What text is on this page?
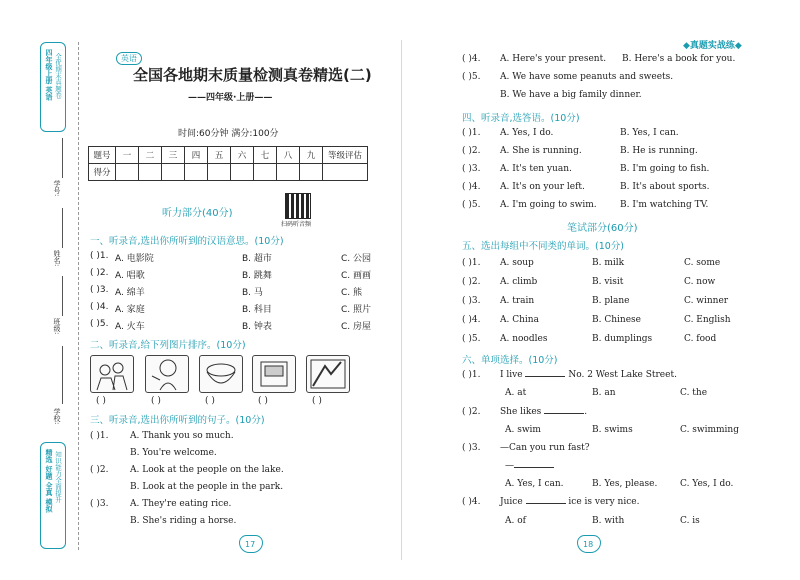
◆真题实战练◆
四年级上册 英语 全优期末真题卷
精选 好题 全真 模拟 知识能力全面提升
学号:
姓名:
班级:
学校:
英语
全国各地期末质量检测真卷精选(二)
——四年级·上册——
时间:60分钟 满分:100分
题号	一	二	三	四	五	六	七	八	九	等级评估
得分										
扫码听音频
听力部分(40分)
一、听录音,选出你所听到的汉语意思。(10分)
( )1. A. 电影院	B. 超市	C. 公园
( )2. A. 唱歌	B. 跳舞	C. 画画
( )3. A. 绵羊	B. 马	C. 熊
( )4. A. 家庭	B. 科目	C. 照片
( )5. A. 火车	B. 钟表	C. 房屋
二、听录音,给下列图片排序。(10分)
( )	( )	( )	( )	( )
三、听录音,选出你所听到的句子。(10分)
( )1. A. Thank you so much.
B. You're welcome.
( )2. A. Look at the people on the lake.
B. Look at the people in the park.
( )3. A. They're eating rice.
B. She's riding a horse.
( )4. A. Here's your present. B. Here's a book for you.
( )5. A. We have some peanuts and sweets.
B. We have a big family dinner.
四、听录音,选答语。(10分)
( )1. A. Yes, I do.	B. Yes, I can.
( )2. A. She is running.	B. He is running.
( )3. A. It's ten yuan.	B. I'm going to fish.
( )4. A. It's on your left.	B. It's about sports.
( )5. A. I'm going to swim.	B. I'm watching TV.
笔试部分(60分)
五、选出每组中不同类的单词。(10分)
( )1. A. soup	B. milk	C. some
( )2. A. climb	B. visit	C. now
( )3. A. train	B. plane	C. winner
( )4. A. China	B. Chinese	C. English
( )5. A. noodles	B. dumplings	C. food
六、单项选择。(10分)
( )1. I live	No. 2 West Lake Street.
A. at	B. an	C. the
( )2. She likes	.
A. swim	B. swims	C. swimming
( )3. —Can you run fast?
—
A. Yes, I can.	B. Yes, please.	C. Yes, I do.
( )4. Juice	ice is very nice.
A. of	B. with	C. is
17	18
